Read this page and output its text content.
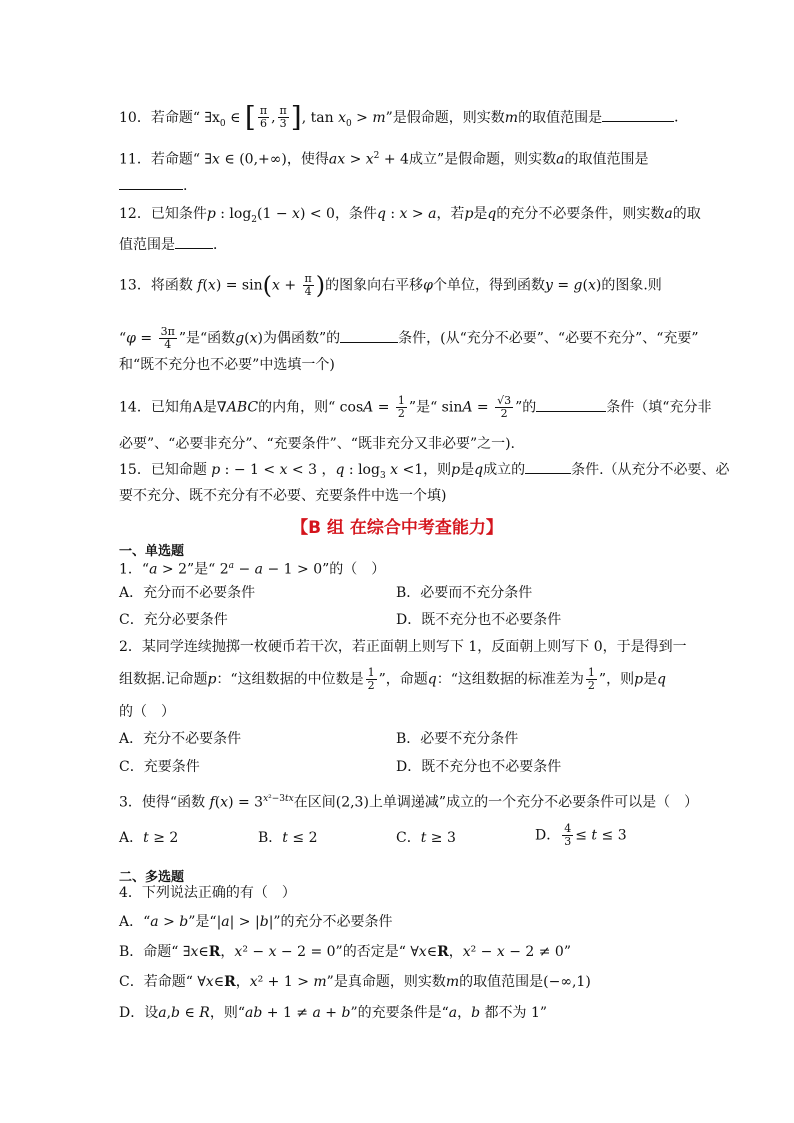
10．若命题“ $\exists x_0$ ∈ [ $\frac{\pi}{6}$ , $\frac{\pi}{3}$ ], $\tan x_0 > m$”是假命题，则实数m的取值范围是	．
11．若命题“ ∃x ∈ (0,+∞)，使得ax > $x^2 + 4$成立”是假命题，则实数a的取值范围是
.
12．已知条件p : $\log_2(1 - x) < 0$，条件q : x > a，若p是q的充分不必要条件，则实数a的取
值范围是	．
13．将函数 $f(x) = \sin(x + \frac{\pi}{4}$ )的图象向右平移φ个单位，得到函数y = g(x)的图象.则
“$\varphi = \frac{3\pi}{4}$ ”是“函数g(x)为偶函数”的	条件，(从“充分不必要”、“必要不充分”、“充要”
和“既不充分也不必要”中选填一个)
14．已知角A是∇ABC的内角，则“ $\cos A = \frac{1}{2}$ ”是“ $\sin A = \frac{√3}{2}$ ”的	条件（填“充分非
必要”、“必要非充分”、“充要条件”、“既非充分又非必要”之一).
15．已知命题 p : − 1 < x < 3 ，q : $\log_3 x <1$，则p是q成立的	条件.（从充分不必要、必
要不充分、既不充分有不必要、充要条件中选一个填)
【B 组 在综合中考查能力】
一、单选题
1．“a > 2”是“ $2^a - a - 1 > 0$”的（　）
A．充分而不必要条件	B．必要而不充分条件
C．充分必要条件	D．既不充分也不必要条件
2．某同学连续抛掷一枚硬币若干次，若正面朝上则写下 1，反面朝上则写下 0，于是得到一
组数据.记命题p：“这组数据的中位数是 $\frac{1}{2}$ ”，命题q：“这组数据的标准差为 $\frac{1}{2}$ ”，则p是q
的（　）
A．充分不必要条件	B．必要不充分条件
C．充要条件	D．既不充分也不必要条件
3．使得“函数 $f(x) = 3^{x^2-3tx}$在区间(2,3)上单调递减”成立的一个充分不必要条件可以是（　）
A．t ≥ 2	B．t ≤ 2	C．t ≥ 3	D． $\frac{4}{3} \le t \le 3$
二、多选题
4．下列说法正确的有（　）
A．“a > b”是“|a| > |b|”的充分不必要条件
B．命题“ ∃x∈R，x² − x − 2 = 0”的否定是“ ∀x∈R，x² − x − 2 ≠ 0”
C．若命题“ ∀x∈R，x² + 1 > m”是真命题，则实数m的取值范围是(−∞,1)
D．设a,b ∈ R，则“ab + 1 ≠ a + b”的充要条件是“a，b 都不为 1”
